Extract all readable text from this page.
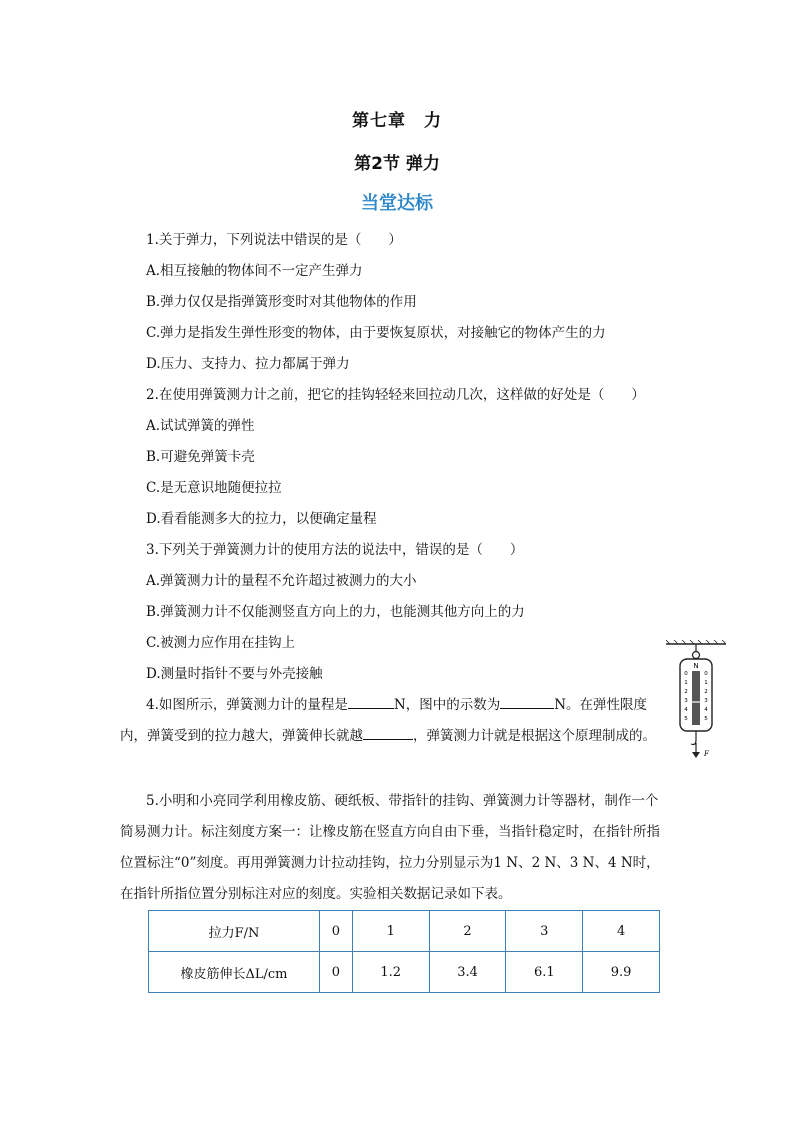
第七章　力
第2节 弹力
当堂达标
1.关于弹力，下列说法中错误的是（　　）
A.相互接触的物体间不一定产生弹力
B.弹力仅仅是指弹簧形变时对其他物体的作用
C.弹力是指发生弹性形变的物体，由于要恢复原状，对接触它的物体产生的力
D.压力、支持力、拉力都属于弹力
2.在使用弹簧测力计之前，把它的挂钩轻轻来回拉动几次，这样做的好处是（　　）
A.试试弹簧的弹性
B.可避免弹簧卡壳
C.是无意识地随便拉拉
D.看看能测多大的拉力，以便确定量程
3.下列关于弹簧测力计的使用方法的说法中，错误的是（　　）
A.弹簧测力计的量程不允许超过被测力的大小
B.弹簧测力计不仅能测竖直方向上的力，也能测其他方向上的力
C.被测力应作用在挂钩上
D.测量时指针不要与外壳接触
4.如图所示，弹簧测力计的量程是	N，图中的示数为	N。在弹性限度内，弹簧受到的拉力越大，弹簧伸长就越	，弹簧测力计就是根据这个原理制成的。
N
0
1
2
3
4
5
0
1
2
3
4
5
F
5.小明和小亮同学利用橡皮筋、硬纸板、带指针的挂钩、弹簧测力计等器材，制作一个简易测力计。标注刻度方案一：让橡皮筋在竖直方向自由下垂，当指针稳定时，在指针所指位置标注“0”刻度。再用弹簧测力计拉动挂钩，拉力分别显示为1 N、2 N、3 N、4 N时，在指针所指位置分别标注对应的刻度。实验相关数据记录如下表。
拉力F/N	0	1	2	3	4
橡皮筋伸长ΔL/cm	0	1.2	3.4	6.1	9.9
